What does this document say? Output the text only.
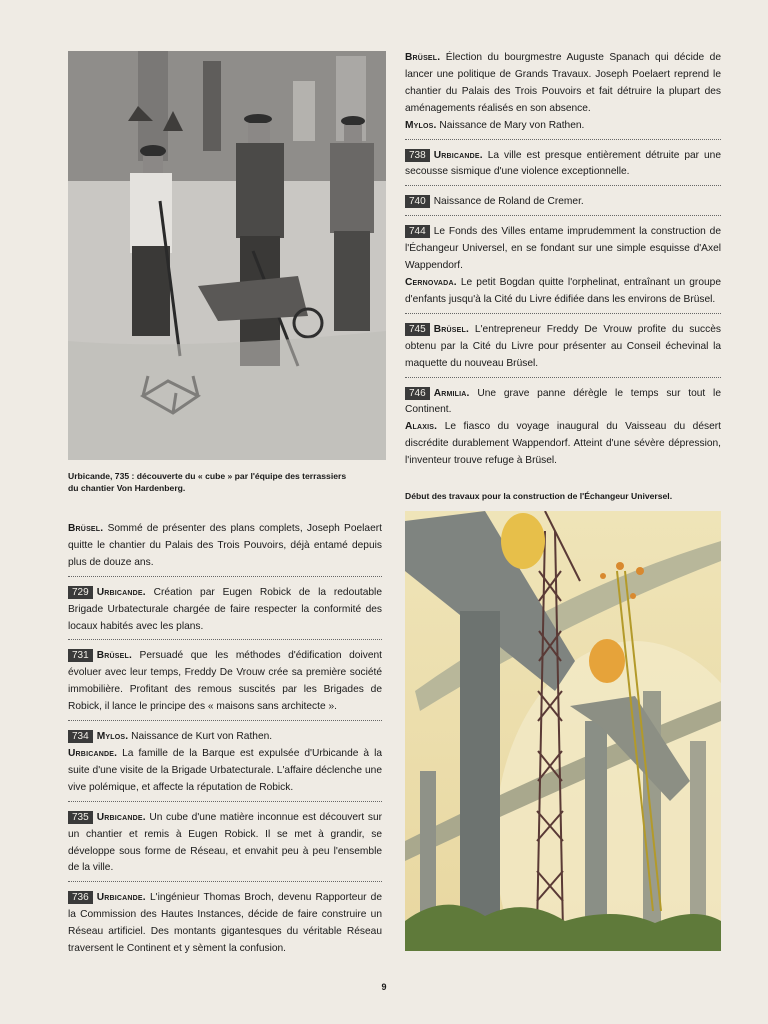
Urbicande, 735 : découverte du « cube » par l'équipe des terrassiers du chantier Von Hardenberg.

Brüsel. Sommé de présenter des plans complets, Joseph Poelaert quitte le chantier du Palais des Trois Pouvoirs, déjà entamé depuis plus de douze ans.

729 Urbicande. Création par Eugen Robick de la redoutable Brigade Urbatecturale chargée de faire respecter la conformité des locaux habités avec les plans.

731 Brüsel. Persuadé que les méthodes d'édification doivent évoluer avec leur temps, Freddy De Vrouw crée sa première société immobilière. Profitant des remous suscités par les Brigades de Robick, il lance le principe des « maisons sans architecte ».

734 Mylos. Naissance de Kurt von Rathen.

Urbicande. La famille de la Barque est expulsée d'Urbicande à la suite d'une visite de la Brigade Urbatecturale. L'affaire déclenche une vive polémique, et affecte la réputation de Robick.

735 Urbicande. Un cube d'une matière inconnue est découvert sur un chantier et remis à Eugen Robick. Il se met à grandir, se développe sous forme de Réseau, et envahit peu à peu l'ensemble de la ville.

736 Urbicande. L'ingénieur Thomas Broch, devenu Rapporteur de la Commission des Hautes Instances, décide de faire construire un Réseau artificiel. Des montants gigantesques du véritable Réseau traversent le Continent et y sèment la confusion.

Brüsel. Élection du bourgmestre Auguste Spanach qui décide de lancer une politique de Grands Travaux. Joseph Poelaert reprend le chantier du Palais des Trois Pouvoirs et fait détruire la plupart des aménagements réalisés en son absence.

Mylos. Naissance de Mary von Rathen.

738 Urbicande. La ville est presque entièrement détruite par une secousse sismique d'une violence exceptionnelle.

740 Naissance de Roland de Cremer.

744 Le Fonds des Villes entame imprudemment la construction de l'Échangeur Universel, en se fondant sur une simple esquisse d'Axel Wappendorf.

Cernovada. Le petit Bogdan quitte l'orphelinat, entraînant un groupe d'enfants jusqu'à la Cité du Livre édifiée dans les environs de Brüsel.

745 Brüsel. L'entrepreneur Freddy De Vrouw profite du succès obtenu par la Cité du Livre pour présenter au Conseil échevinal la maquette du nouveau Brüsel.

746 Armilia. Une grave panne dérègle le temps sur tout le Continent.

Alaxis. Le fiasco du voyage inaugural du Vaisseau du désert discrédite durablement Wappendorf. Atteint d'une sévère dépression, l'inventeur trouve refuge à Brüsel.

Début des travaux pour la construction de l'Échangeur Universel.
9
